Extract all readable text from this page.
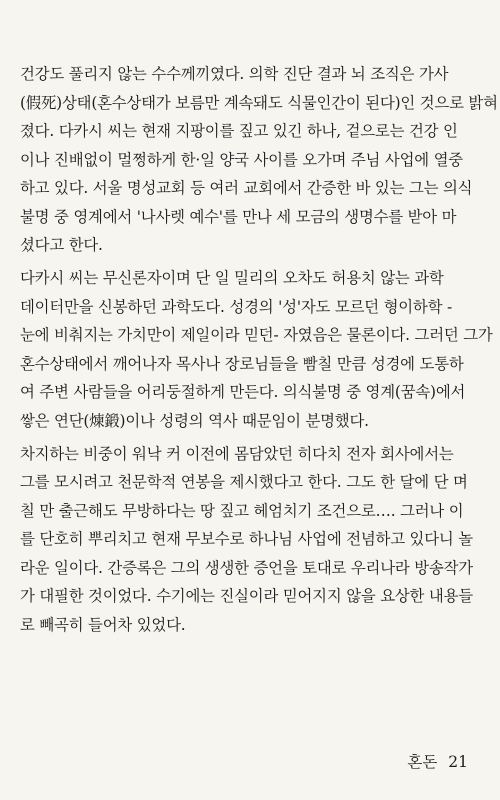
건강도 풀리지 않는 수수께끼였다. 의학 진단 결과 뇌 조직은 가사
(假死)상태(혼수상태가 보름만 계속돼도 식물인간이 된다)인 것으로 밝혀
졌다. 다카시 씨는 현재 지팡이를 짚고 있긴 하나, 겉으로는 건강 인
이나 진배없이 멀쩡하게 한·일 양국 사이를 오가며 주님 사업에 열중
하고 있다. 서울 명성교회 등 여러 교회에서 간증한 바 있는 그는 의식
불명 중 영계에서 '나사렛 예수'를 만나 세 모금의 생명수를 받아 마
셨다고 한다.
다카시 씨는 무신론자이며 단 일 밀리의 오차도 허용치 않는 과학
데이터만을 신봉하던 과학도다. 성경의 '성'자도 모르던 형이하학 -
눈에 비춰지는 가치만이 제일이라 믿던- 자였음은 물론이다. 그러던 그가
혼수상태에서 깨어나자 목사나 장로님들을 빰칠 만큼 성경에 도통하
여 주변 사람들을 어리둥절하게 만든다. 의식불명 중 영계(꿈속)에서
쌓은 연단(煉鍛)이나 성령의 역사 때문임이 분명했다.
차지하는 비중이 워낙 커 이전에 몸담았던 히다치 전자 회사에서는
그를 모시려고 천문학적 연봉을 제시했다고 한다. 그도 한 달에 단 며
칠 만 출근해도 무방하다는 땅 짚고 헤엄치기 조건으로…. 그러나 이
를 단호히 뿌리치고 현재 무보수로 하나님 사업에 전념하고 있다니 놀
라운 일이다. 간증록은 그의 생생한 증언을 토대로 우리나라 방송작가
가 대필한 것이었다. 수기에는 진실이라 믿어지지 않을 요상한 내용들
로 빼곡히 들어차 있었다.
혼돈 21
